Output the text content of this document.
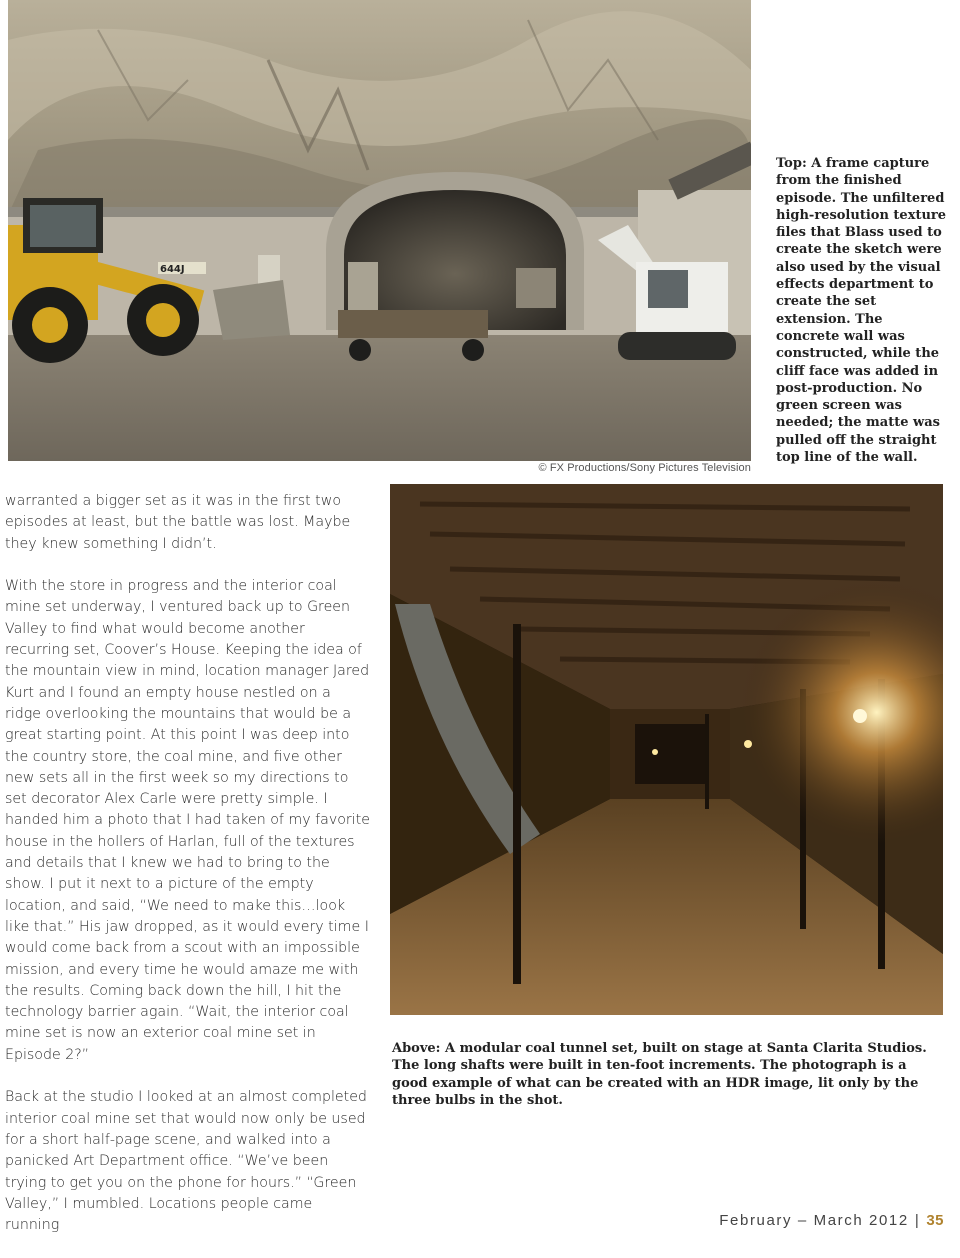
644J
© FX Productions/Sony Pictures Television

Top: A frame capture from the finished episode. The unfiltered high-resolution texture files that Blass used to create the sketch were also used by the visual effects department to create the set extension. The concrete wall was constructed, while the cliff face was added in post-production. No green screen was needed; the matte was pulled off the straight top line of the wall.

warranted a bigger set as it was in the first two episodes at least, but the battle was lost. Maybe they knew something I didn’t.

With the store in progress and the interior coal mine set underway, I ventured back up to Green Valley to find what would become another recurring set, Coover’s House. Keeping the idea of the mountain view in mind, location manager Jared Kurt and I found an empty house nestled on a ridge overlooking the mountains that would be a great starting point. At this point I was deep into the country store, the coal mine, and five other new sets all in the first week so my directions to set decorator Alex Carle were pretty simple. I handed him a photo that I had taken of my favorite house in the hollers of Harlan, full of the textures and details that I knew we had to bring to the show. I put it next to a picture of the empty location, and said, “We need to make this…look like that.” His jaw dropped, as it would every time I would come back from a scout with an impossible mission, and every time he would amaze me with the results. Coming back down the hill, I hit the technology barrier again. “Wait, the interior coal mine set is now an exterior coal mine set in Episode 2?”

Back at the studio I looked at an almost completed interior coal mine set that would now only be used for a short half-page scene, and walked into a panicked Art Department office. “We’ve been trying to get you on the phone for hours.” “Green Valley,” I mumbled. Locations people came running

Above: A modular coal tunnel set, built on stage at Santa Clarita Studios. The long shafts were built in ten-foot increments. The photograph is a good example of what can be created with an HDR image, lit only by the three bulbs in the shot.

February – March 2012 | 35
